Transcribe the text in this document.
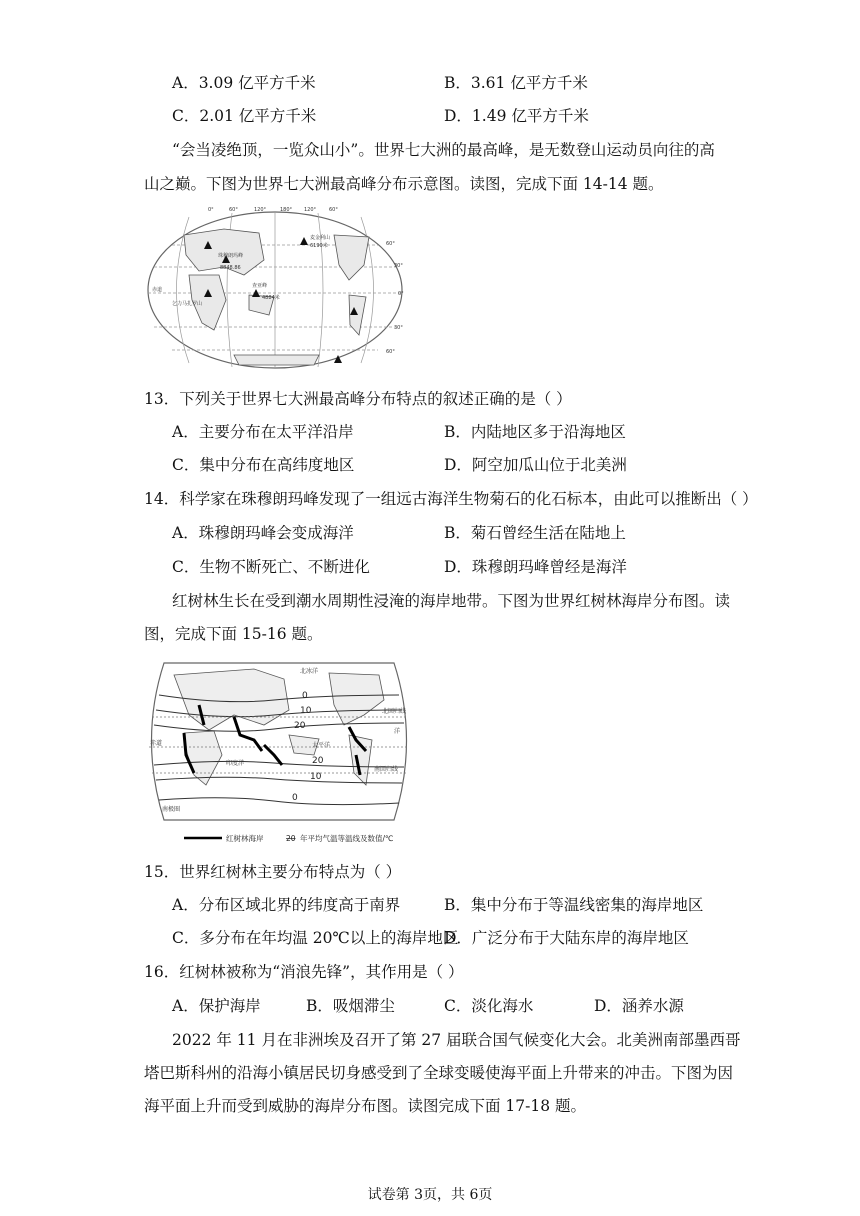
A．3.09 亿平方千米	B．3.61 亿平方千米
C．2.01 亿平方千米	D．1.49 亿平方千米
“会当凌绝顶，一览众山小”。世界七大洲的最高峰，是无数登山运动员向往的高
山之巅。下图为世界七大洲最高峰分布示意图。读图，完成下面 14-14 题。
0°	60°	120°	180° 120°	60°
60°
30°
0°
30°
60°
珠穆朗玛峰
8848.86
乞力马扎罗山
查亚峰
4884米
麦金利山
6190米
赤道
13．下列关于世界七大洲最高峰分布特点的叙述正确的是（ ）
A．主要分布在太平洋沿岸	B．内陆地区多于沿海地区
C．集中分布在高纬度地区	D．阿空加瓜山位于北美洲
14．科学家在珠穆朗玛峰发现了一组远古海洋生物菊石的化石标本，由此可以推断出（ ）
A．珠穆朗玛峰会变成海洋	B．菊石曾经生活在陆地上
C．生物不断死亡、不断进化	D．珠穆朗玛峰曾经是海洋
红树林生长在受到潮水周期性浸淹的海岸地带。下图为世界红树林海岸分布图。读
图，完成下面 15-16 题。
北冰洋
北回归线
赤道	太平洋
印度洋
南回归线
洋
南极圈
0
10
20
20
10
0
红树林海岸	20 年平均气温等温线及数值/℃
15．世界红树林主要分布特点为（ ）
A．分布区域北界的纬度高于南界	B．集中分布于等温线密集的海岸地区
C．多分布在年均温 20℃以上的海岸地区
D．广泛分布于大陆东岸的海岸地区
16．红树林被称为“消浪先锋”，其作用是（ ）
A．保护海岸	B．吸烟滞尘	C．淡化海水	D．涵养水源
2022 年 11 月在非洲埃及召开了第 27 届联合国气候变化大会。北美洲南部墨西哥
塔巴斯科州的沿海小镇居民切身感受到了全球变暖使海平面上升带来的冲击。下图为因
海平面上升而受到威胁的海岸分布图。读图完成下面 17-18 题。
试卷第 3页，共 6页
